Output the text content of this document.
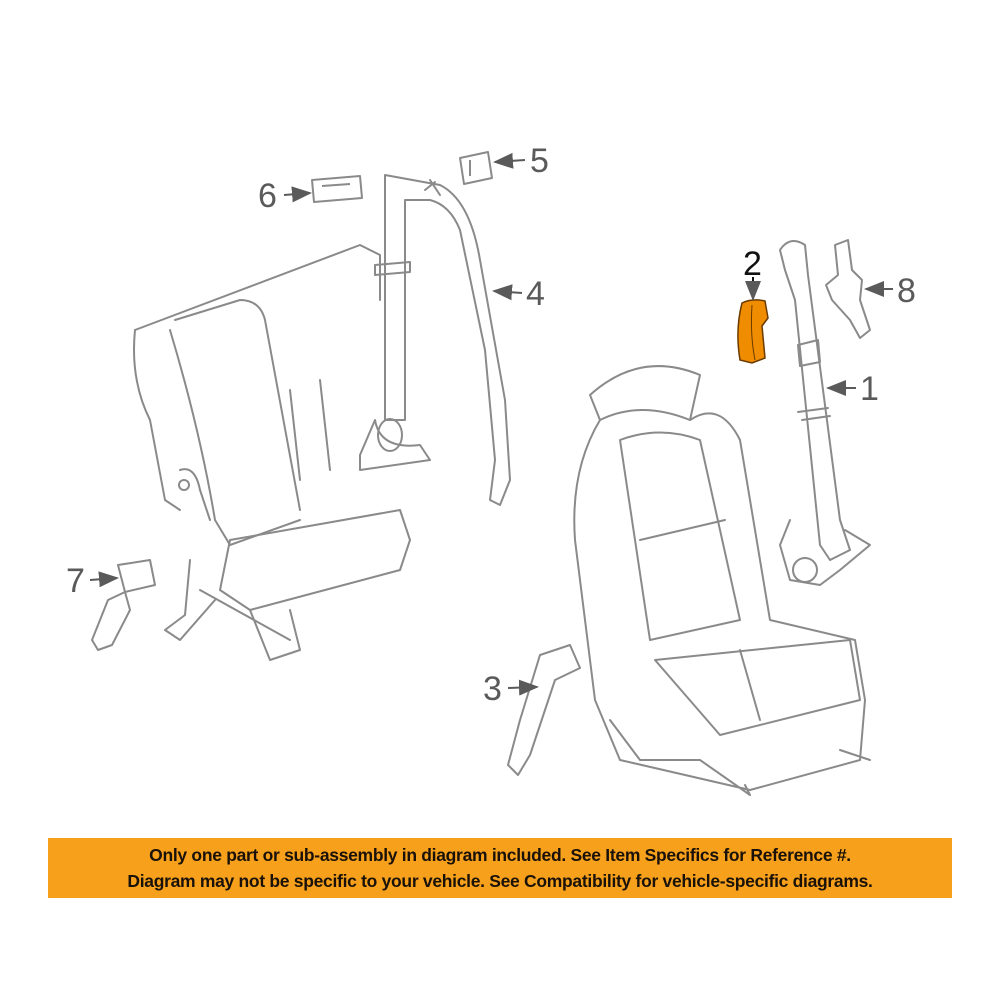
6
5
4
2
8
1
7
3
Only one part or sub-assembly in diagram included. See Item Specifics for Reference #.
Diagram may not be specific to your vehicle. See Compatibility for vehicle-specific diagrams.
